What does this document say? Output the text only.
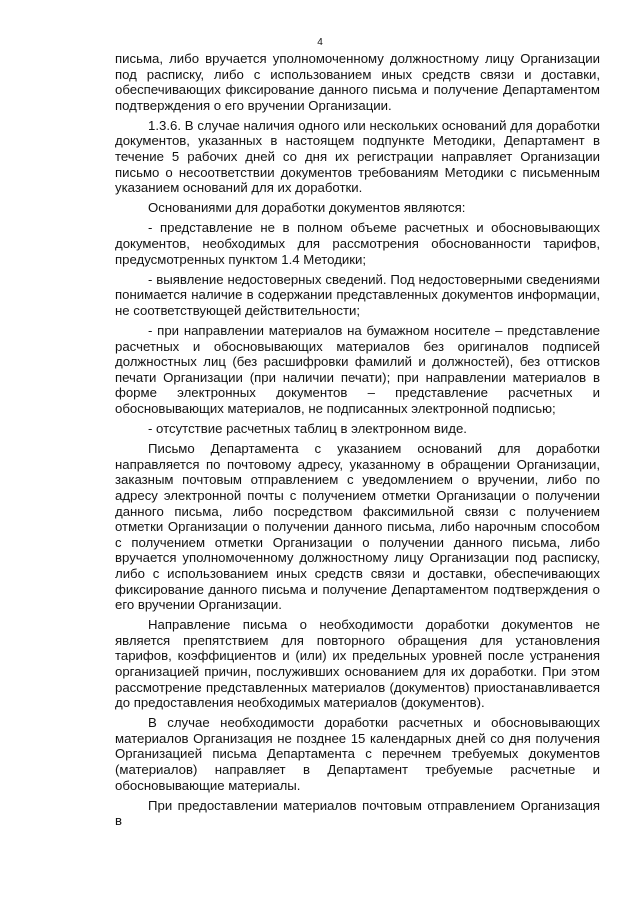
4

письма, либо вручается уполномоченному должностному лицу Организации под расписку, либо с использованием иных средств связи и доставки, обеспечивающих фиксирование данного письма и получение Департаментом подтверждения о его вручении Организации.

1.3.6. В случае наличия одного или нескольких оснований для доработки документов, указанных в настоящем подпункте Методики, Департамент в течение 5 рабочих дней со дня их регистрации направляет Организации письмо о несоответствии документов требованиям Методики с письменным указанием оснований для их доработки.

Основаниями для доработки документов являются:

- представление не в полном объеме расчетных и обосновывающих документов, необходимых для рассмотрения обоснованности тарифов, предусмотренных пунктом 1.4 Методики;

- выявление недостоверных сведений. Под недостоверными сведениями понимается наличие в содержании представленных документов информации, не соответствующей действительности;

- при направлении материалов на бумажном носителе – представление расчетных и обосновывающих материалов без оригиналов подписей должностных лиц (без расшифровки фамилий и должностей), без оттисков печати Организации (при наличии печати); при направлении материалов в форме электронных документов – представление расчетных и обосновывающих материалов, не подписанных электронной подписью;

- отсутствие расчетных таблиц в электронном виде.

Письмо Департамента с указанием оснований для доработки направляется по почтовому адресу, указанному в обращении Организации, заказным почтовым отправлением с уведомлением о вручении, либо по адресу электронной почты с получением отметки Организации о получении данного письма, либо посредством факсимильной связи с получением отметки Организации о получении данного письма, либо нарочным способом с получением отметки Организации о получении данного письма, либо вручается уполномоченному должностному лицу Организации под расписку, либо с использованием иных средств связи и доставки, обеспечивающих фиксирование данного письма и получение Департаментом подтверждения о его вручении Организации.

Направление письма о необходимости доработки документов не является препятствием для повторного обращения для установления тарифов, коэффициентов и (или) их предельных уровней после устранения организацией причин, послуживших основанием для их доработки. При этом рассмотрение представленных материалов (документов) приостанавливается до предоставления необходимых материалов (документов).

В случае необходимости доработки расчетных и обосновывающих материалов Организация не позднее 15 календарных дней со дня получения Организацией письма Департамента с перечнем требуемых документов (материалов) направляет в Департамент требуемые расчетные и обосновывающие материалы.

При предоставлении материалов почтовым отправлением Организация в
